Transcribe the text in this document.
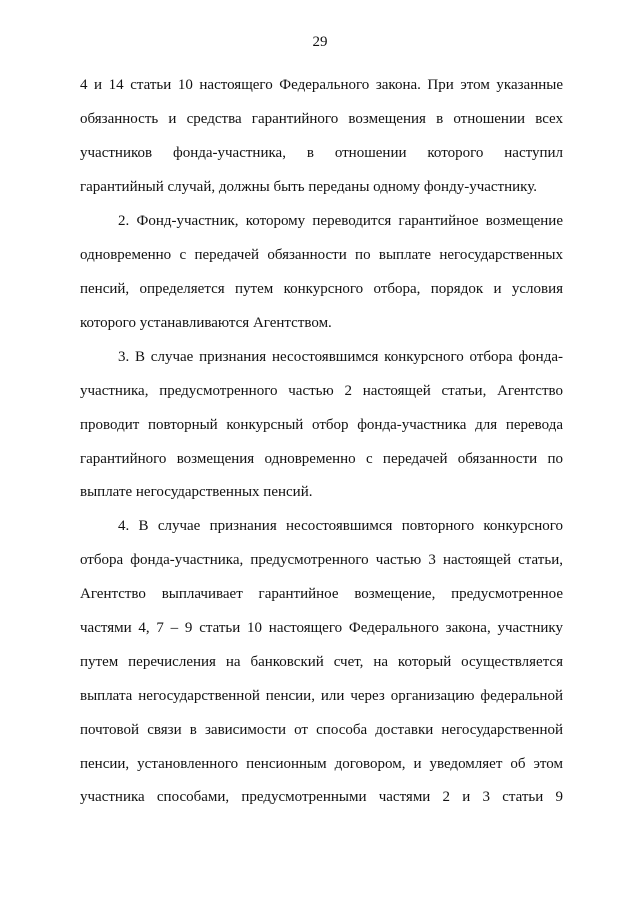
29
4 и 14 статьи 10 настоящего Федерального закона. При этом указанные
обязанность и средства гарантийного возмещения в отношении всех
участников фонда-участника, в отношении которого наступил
гарантийный случай, должны быть переданы одному фонду-участнику.
2. Фонд-участник, которому переводится гарантийное возмещение
одновременно с передачей обязанности по выплате негосударственных
пенсий, определяется путем конкурсного отбора, порядок и условия
которого устанавливаются Агентством.
3. В случае признания несостоявшимся конкурсного отбора фонда-
участника, предусмотренного частью 2 настоящей статьи, Агентство
проводит повторный конкурсный отбор фонда-участника для перевода
гарантийного возмещения одновременно с передачей обязанности по
выплате негосударственных пенсий.
4. В случае признания несостоявшимся повторного конкурсного
отбора фонда-участника, предусмотренного частью 3 настоящей статьи,
Агентство выплачивает гарантийное возмещение, предусмотренное
частями 4, 7 – 9 статьи 10 настоящего Федерального закона, участнику
путем перечисления на банковский счет, на который осуществляется
выплата негосударственной пенсии, или через организацию федеральной
почтовой связи в зависимости от способа доставки негосударственной
пенсии, установленного пенсионным договором, и уведомляет об этом
участника способами, предусмотренными частями 2 и 3 статьи 9
